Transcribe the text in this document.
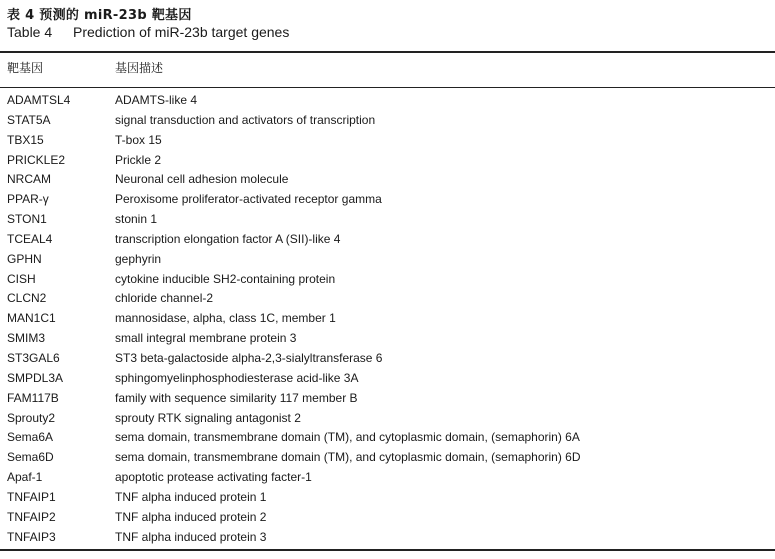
表 4 预测的 miR-23b 靶基因
Table 4 Prediction of miR-23b target genes
靶基因	基因描述
ADAMTSL4	ADAMTS-like 4
STAT5A	signal transduction and activators of transcription
TBX15	T-box 15
PRICKLE2	Prickle 2
NRCAM	Neuronal cell adhesion molecule
PPAR-γ	Peroxisome proliferator-activated receptor gamma
STON1	stonin 1
TCEAL4	transcription elongation factor A (SII)-like 4
GPHN	gephyrin
CISH	cytokine inducible SH2-containing protein
CLCN2	chloride channel-2
MAN1C1	mannosidase, alpha, class 1C, member 1
SMIM3	small integral membrane protein 3
ST3GAL6	ST3 beta-galactoside alpha-2,3-sialyltransferase 6
SMPDL3A	sphingomyelinphosphodiesterase acid-like 3A
FAM117B	family with sequence similarity 117 member B
Sprouty2	sprouty RTK signaling antagonist 2
Sema6A	sema domain, transmembrane domain (TM), and cytoplasmic domain, (semaphorin) 6A
Sema6D	sema domain, transmembrane domain (TM), and cytoplasmic domain, (semaphorin) 6D
Apaf-1	apoptotic protease activating facter-1
TNFAIP1	TNF alpha induced protein 1
TNFAIP2	TNF alpha induced protein 2
TNFAIP3	TNF alpha induced protein 3
